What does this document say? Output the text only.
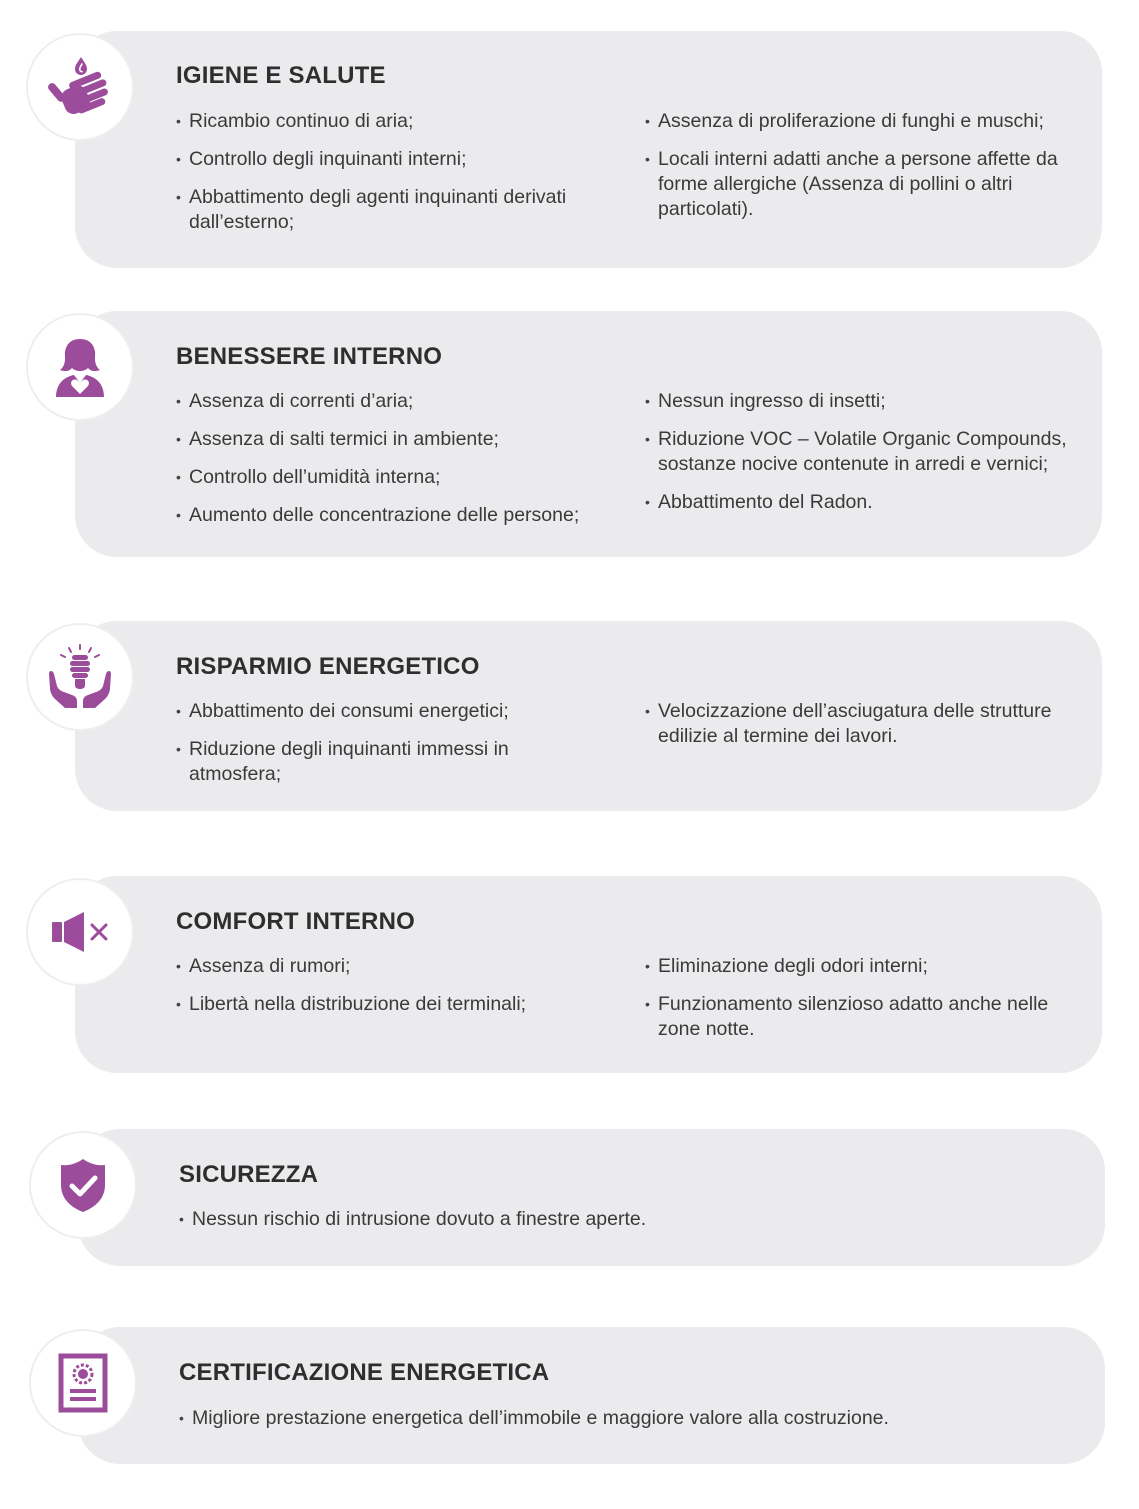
IGIENE E SALUTE
• Ricambio continuo di aria;
• Controllo degli inquinanti interni;
• Abbattimento degli agenti inquinanti derivati dall’esterno;
• Assenza di proliferazione di funghi e muschi;
• Locali interni adatti anche a persone affette da forme allergiche (Assenza di pollini o altri particolati).
BENESSERE INTERNO
• Assenza di correnti d’aria;
• Assenza di salti termici in ambiente;
• Controllo dell’umidità interna;
• Aumento delle concentrazione delle persone;
• Nessun ingresso di insetti;
• Riduzione VOC – Volatile Organic Compounds, sostanze nocive contenute in arredi e vernici;
• Abbattimento del Radon.
RISPARMIO ENERGETICO
• Abbattimento dei consumi energetici;
• Riduzione degli inquinanti immessi in atmosfera;
• Velocizzazione dell’asciugatura delle strutture edilizie al termine dei lavori.
COMFORT INTERNO
• Assenza di rumori;
• Libertà nella distribuzione dei terminali;
• Eliminazione degli odori interni;
• Funzionamento silenzioso adatto anche nelle zone notte.
SICUREZZA
• Nessun rischio di intrusione dovuto a finestre aperte.
CERTIFICAZIONE ENERGETICA
• Migliore prestazione energetica dell’immobile e maggiore valore alla costruzione.
